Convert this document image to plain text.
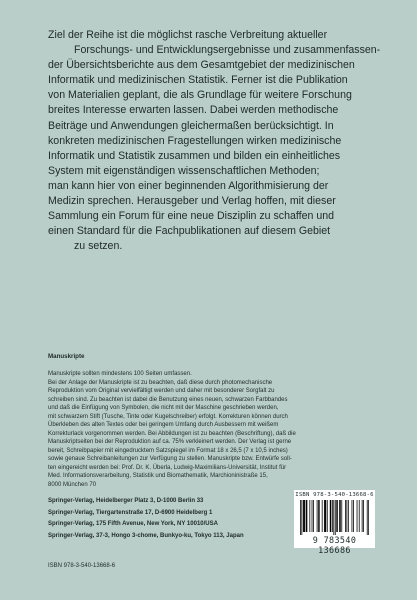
Ziel der Reihe ist die möglichst rasche Verbreitung aktueller
Forschungs- und Entwicklungsergebnisse und zusammenfassen-
der Übersichtsberichte aus dem Gesamtgebiet der medizinischen
Informatik und medizinischen Statistik. Ferner ist die Publikation
von Materialien geplant, die als Grundlage für weitere Forschung
breites Interesse erwarten lassen. Dabei werden methodische
Beiträge und Anwendungen gleichermaßen berücksichtigt. In
konkreten medizinischen Fragestellungen wirken medizinische
Informatik und Statistik zusammen und bilden ein einheitliches
System mit eigenständigen wissenschaftlichen Methoden;
man kann hier von einer beginnenden Algorithmisierung der
Medizin sprechen. Herausgeber und Verlag hoffen, mit dieser
Sammlung ein Forum für eine neue Disziplin zu schaffen und
einen Standard für die Fachpublikationen auf diesem Gebiet
zu setzen.
Manuskripte
Manuskripte sollten mindestens 100 Seiten umfassen.
Bei der Anlage der Manuskripte ist zu beachten, daß diese durch photomechanische
Reproduktion vom Original vervielfältigt werden und daher mit besonderer Sorgfalt zu
schreiben sind. Zu beachten ist dabei die Benutzung eines neuen, schwarzen Farbbandes
und daß die Einfügung von Symbolen, die nicht mit der Maschine geschrieben werden,
mit schwarzem Stift (Tusche, Tinte oder Kugelschreiber) erfolgt. Korrekturen können durch
Überkleben des alten Textes oder bei geringem Umfang durch Ausbessern mit weißem
Korrekturlack vorgenommen werden. Bei Abbildungen ist zu beachten (Beschriftung), daß die
Manuskriptseiten bei der Reproduktion auf ca. 75% verkleinert werden. Der Verlag ist gerne
bereit, Schreibpapier mit eingedrucktem Satzspiegel im Format 18 x 26,5 (7 x 10,5 inches)
sowie genaue Schreibanleitungen zur Verfügung zu stellen. Manuskripte bzw. Entwürfe soll-
ten eingereicht werden bei: Prof. Dr. K. Überla, Ludwig-Maximilians-Universität, Institut für
Med. Informationsverarbeitung, Statistik und Biomathematik, Marchioninistraße 15,
8000 München 70
Springer-Verlag, Heidelberger Platz 3, D-1000 Berlin 33
Springer-Verlag, Tiergartenstraße 17, D-6900 Heidelberg 1
Springer-Verlag, 175 Fifth Avenue, New York, NY 10010/USA
Springer-Verlag, 37-3, Hongo 3-chome, Bunkyo-ku, Tokyo 113, Japan
ISBN 978-3-540-13668-6
ISBN 978-3-540-13668-6
9 783540 136686
